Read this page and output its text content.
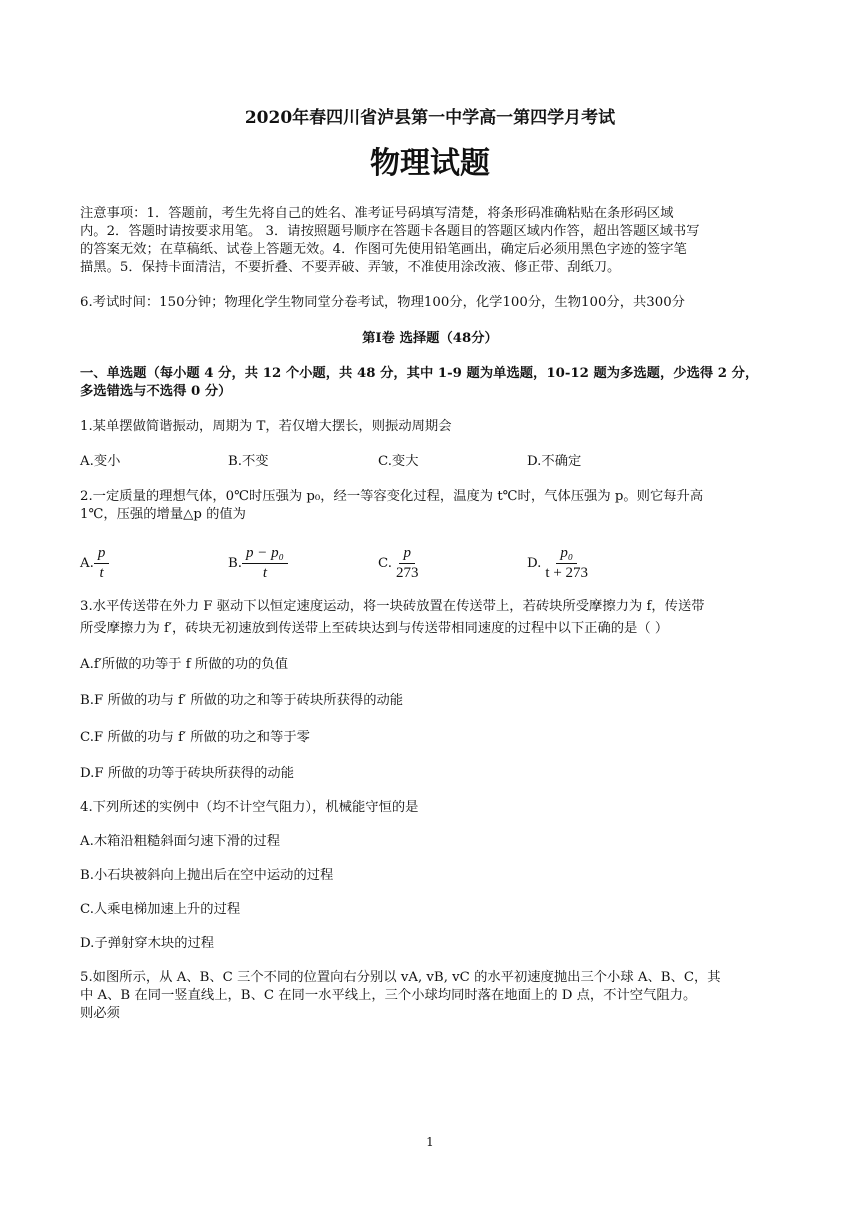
2020年春四川省泸县第一中学高一第四学月考试
物理试题
注意事项：1．答题前，考生先将自己的姓名、准考证号码填写清楚，将条形码准确粘贴在条形码区域
内。2．答题时请按要求用笔。 3．请按照题号顺序在答题卡各题目的答题区域内作答，超出答题区域书写
的答案无效；在草稿纸、试卷上答题无效。4．作图可先使用铅笔画出，确定后必须用黑色字迹的签字笔
描黑。5．保持卡面清洁，不要折叠、不要弄破、弄皱，不准使用涂改液、修正带、刮纸刀。
6.考试时间：150分钟；物理化学生物同堂分卷考试，物理100分，化学100分，生物100分，共300分
第Ⅰ卷 选择题（48分）
一、单选题（每小题 4 分，共 12 个小题，共 48 分，其中 1-9 题为单选题，10-12 题为多选题，少选得 2 分，
多选错选与不选得 0 分）
1.某单摆做简谐振动，周期为 T，若仅增大摆长，则振动周期会
A.变小	B.不变	C.变大	D.不确定
2.一定质量的理想气体，0℃时压强为 p₀，经一等容变化过程，温度为 t℃时，气体压强为 p。则它每升高
1℃，压强的增量△p 的值为
A. $\frac{p}{t}$	B. $\frac{\text{p − p₀}}{t}$	C. $\frac{p}{273}$	D. $\frac{\text{p₀}}{t + 273}$
3.水平传送带在外力 F 驱动下以恒定速度运动，将一块砖放置在传送带上，若砖块所受摩擦力为 f，传送带
所受摩擦力为 f′，砖块无初速放到传送带上至砖块达到与传送带相同速度的过程中以下正确的是（ ）
A.f′所做的功等于 f 所做的功的负值
B.F 所做的功与 f′ 所做的功之和等于砖块所获得的动能
C.F 所做的功与 f′ 所做的功之和等于零
D.F 所做的功等于砖块所获得的动能
4.下列所述的实例中（均不计空气阻力），机械能守恒的是
A.木箱沿粗糙斜面匀速下滑的过程
B.小石块被斜向上抛出后在空中运动的过程
C.人乘电梯加速上升的过程
D.子弹射穿木块的过程
5.如图所示，从 A、B、C 三个不同的位置向右分别以 vA, vB, vC 的水平初速度抛出三个小球 A、B、C，其
中 A、B 在同一竖直线上，B、C 在同一水平线上，三个小球均同时落在地面上的 D 点，不计空气阻力。
则必须
1
